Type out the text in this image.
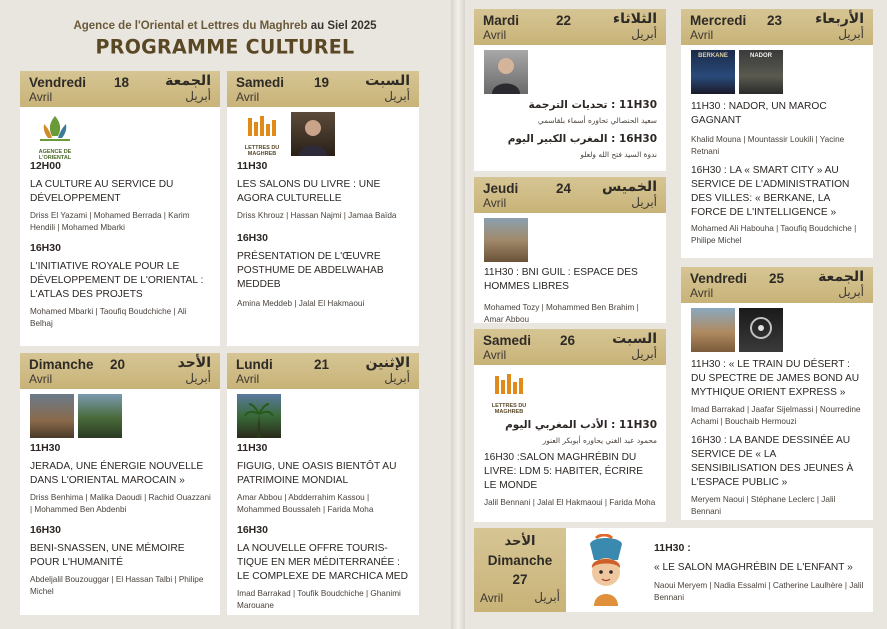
Agence de l'Oriental et Lettres du Maghreb au Siel 2025
PROGRAMME CULTUREL
Vendredi 18	الجمعة
Avril	أبريل
AGENCE DE L'ORIENTAL
12H00
LA CULTURE AU SERVICE DU DÉVELOPPEMENT
Driss El Yazami | Mohamed Berrada | Karim Hendili | Mohamed Mbarki
16H30
L'INITIATIVE ROYALE POUR LE DÉVELOPPEMENT DE L'ORIENTAL : L'ATLAS DES PROJETS
Mohamed Mbarki | Taoufiq Boudchiche | Ali Belhaj
Samedi 19	السبت
Avril	أبريل
LETTRES DU MAGHREB
11H30
LES SALONS DU LIVRE : UNE AGORA CULTURELLE
Driss Khrouz | Hassan Najmi | Jamaa Baïda
16H30
PRÉSENTATION DE L'ŒUVRE POSTHUME DE ABDELWAHAB MEDDEB
Amina Meddeb | Jalal El Hakmaoui
Dimanche 20	الأحد
Avril	أبريل
11H30
JERADA, UNE ÉNERGIE NOUVELLE DANS L'ORIENTAL MAROCAIN »
Driss Benhima | Malika Daoudi | Rachid Ouazzani | Mohammed Ben Abdenbi
16H30
BENI-SNASSEN, UNE MÉMOIRE POUR L'HUMANITÉ
Abdeljalil Bouzouggar | El Hassan Talbi | Philipe Michel
Lundi	21	الإثنين
Avril	أبريل
11H30
FIGUIG, UNE OASIS BIENTÔT AU PATRIMOINE MONDIAL
Amar Abbou | Abdderrahim Kassou | Mohammed Boussaleh | Farida Moha
16H30
LA NOUVELLE OFFRE TOURIS-TIQUE EN MER MÉDITERRANÉE : LE COMPLEXE DE MARCHICA MED
Imad Barrakad | Toufik Boudchiche | Ghanimi Marouane
Mardi	22	الثلاثاء
Avril	أبريل
11H30 : تحديات الترجمة
سعيد الحنصالي تحاوره أسماء بلقاسمي
16H30 : المغرب الكبير اليوم
ندوة السيد فتح الله ولعلو
Jeudi	24 الخميس
Avril	أبريل
11H30 : BNI GUIL : ESPACE DES HOMMES LIBRES
Mohamed Tozy | Mohammed Ben Brahim | Amar Abbou
Samedi 26	السبت
Avril	أبريل
LETTRES DU MAGHREB
11H30 : الأدب المغربي اليوم
محمود عبد الغني يحاوره أبوبكر العنور
16H30 :SALON MAGHRÉBIN DU LIVRE: LDM 5: HABITER, ÉCRIRE LE MONDE
Jalil Bennani | Jalal El Hakmaoui | Farida Moha
Mercredi 23 الأربعاء
Avril	أبريل
BERKANE	NADOR
11H30 : NADOR, UN MAROC GAGNANT
Khalid Mouna | Mountassir Loukili | Yacine Retnani
16H30 : LA « SMART CITY » AU SERVICE DE L'ADMINISTRATION DES VILLES: « BERKANE, LA FORCE DE L'INTELLIGENCE »
Mohamed Ali Habouha | Taoufiq Boudchiche | Philipe Michel
Vendredi 25 الجمعة
Avril	أبريل
11H30 : « LE TRAIN DU DÉSERT : DU SPECTRE DE JAMES BOND AU MYTHIQUE ORIENT EXPRESS »
Imad Barrakad | Jaafar Sijelmassi | Nourredine Achami | Bouchaib Hermouzi
16H30 : LA BANDE DESSINÉE AU SERVICE DE « LA SENSIBILISATION DES JEUNES À L'ESPACE PUBLIC »
Meryem Naoui | Stéphane Leclerc | Jalil Bennani
الأحد
Dimanche
27
Avril	أبريل
11H30 :
« LE SALON MAGHRÉBIN DE L'ENFANT »
Naoui Meryem | Nadia Essalmi | Catherine Laulhère | Jalil Bennani
